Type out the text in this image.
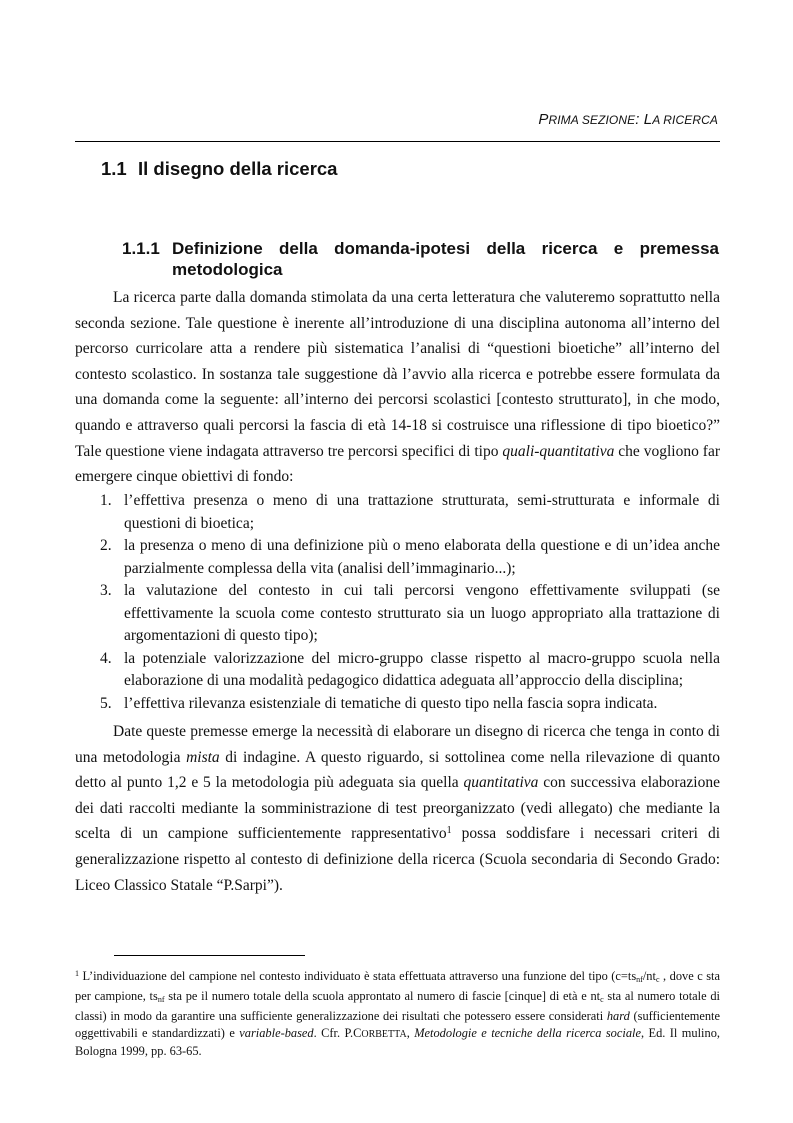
PRIMA SEZIONE: LA RICERCA
1.1 Il disegno della ricerca
1.1.1 Definizione della domanda-ipotesi della ricerca e premessa metodologica

La ricerca parte dalla domanda stimolata da una certa letteratura che valuteremo soprattutto nella seconda sezione. Tale questione è inerente all’introduzione di una disciplina autonoma all’interno del percorso curricolare atta a rendere più sistematica l’analisi di “questioni bioetiche” all’interno del contesto scolastico. In sostanza tale suggestione dà l’avvio alla ricerca e potrebbe essere formulata da una domanda come la seguente: all’interno dei percorsi scolastici [contesto strutturato], in che modo, quando e attraverso quali percorsi la fascia di età 14-18 si costruisce una riflessione di tipo bioetico?” Tale questione viene indagata attraverso tre percorsi specifici di tipo quali-quantitativa che vogliono far emergere cinque obiettivi di fondo:

1. l’effettiva presenza o meno di una trattazione strutturata, semi-strutturata e informale di questioni di bioetica;
2. la presenza o meno di una definizione più o meno elaborata della questione e di un’idea anche parzialmente complessa della vita (analisi dell’immaginario...);
3. la valutazione del contesto in cui tali percorsi vengono effettivamente sviluppati (se effettivamente la scuola come contesto strutturato sia un luogo appropriato alla trattazione di argomentazioni di questo tipo);
4. la potenziale valorizzazione del micro-gruppo classe rispetto al macro-gruppo scuola nella elaborazione di una modalità pedagogico didattica adeguata all’approccio della disciplina;
5. l’effettiva rilevanza esistenziale di tematiche di questo tipo nella fascia sopra indicata.

Date queste premesse emerge la necessità di elaborare un disegno di ricerca che tenga in conto di una metodologia mista di indagine. A questo riguardo, si sottolinea come nella rilevazione di quanto detto al punto 1,2 e 5 la metodologia più adeguata sia quella quantitativa con successiva elaborazione dei dati raccolti mediante la somministrazione di test preorganizzato (vedi allegato) che mediante la scelta di un campione sufficientemente rappresentativo$^1$ possa soddisfare i necessari criteri di generalizzazione rispetto al contesto di definizione della ricerca (Scuola secondaria di Secondo Grado: Liceo Classico Statale “P.Sarpi”).

$^1$ L’individuazione del campione nel contesto individuato è stata effettuata attraverso una funzione del tipo ($c=ts_{nf}/nt_c$ , dove c sta per campione, $ts_{nf}$ sta pe il numero totale della scuola approntato al numero di fascie [cinque] di età e $nt_c$ sta al numero totale di classi) in modo da garantire una sufficiente generalizzazione dei risultati che potessero essere considerati hard (sufficientemente oggettivabili e standardizzati) e variable-based. Cfr. P.CORBETTA, Metodologie e tecniche della ricerca sociale, Ed. Il mulino, Bologna 1999, pp. 63-65.
